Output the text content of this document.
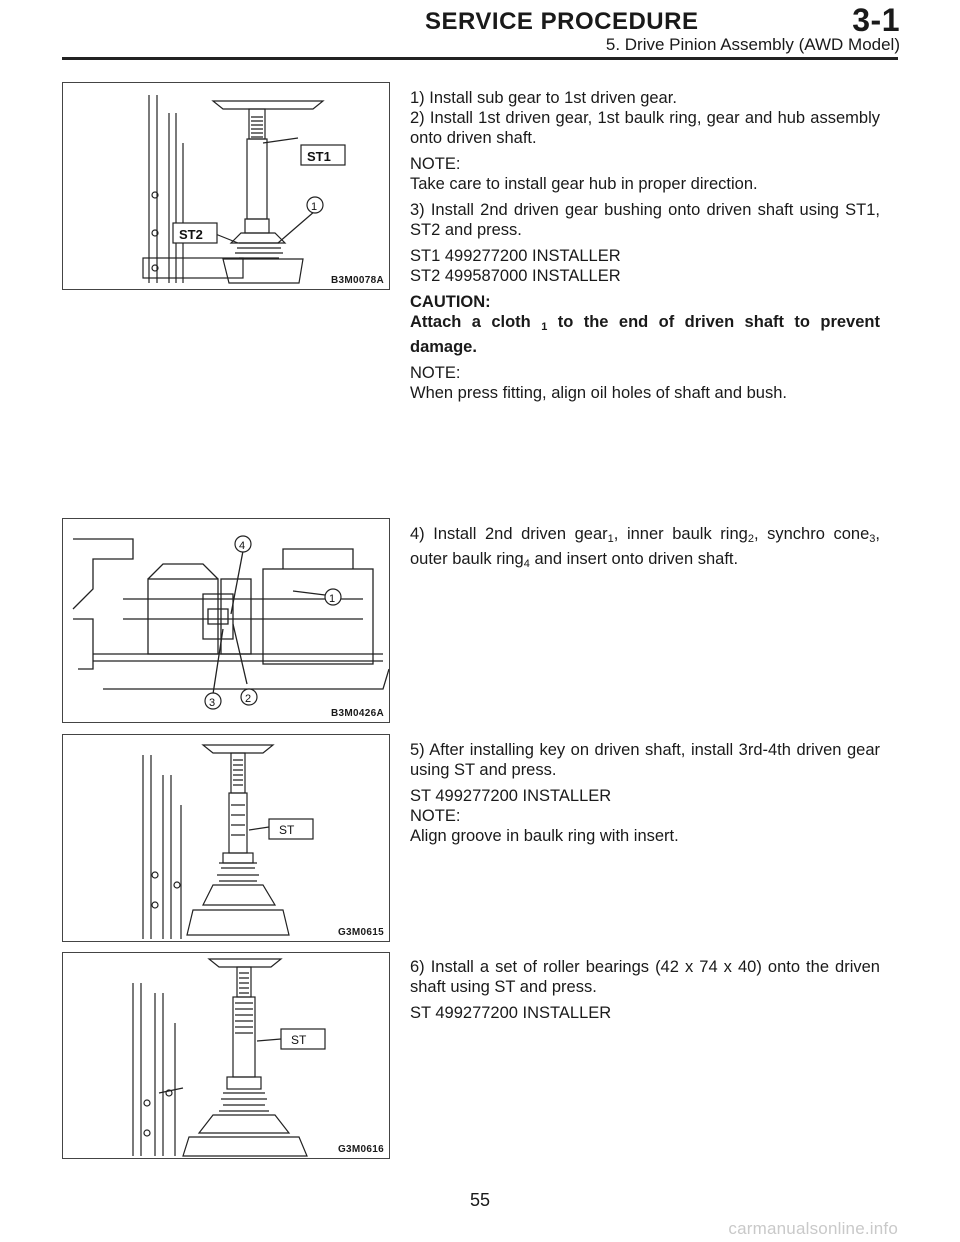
SERVICE PROCEDURE	3-1
5. Drive Pinion Assembly (AWD Model)
ST1
ST2
1
B3M0078A

1) Install sub gear to 1st driven gear.

2) Install 1st driven gear, 1st baulk ring, gear and hub assembly onto driven shaft.

NOTE:

Take care to install gear hub in proper direction.

3) Install 2nd driven gear bushing onto driven shaft using ST1, ST2 and press.

ST1 499277200 INSTALLER

ST2 499587000 INSTALLER

CAUTION:

Attach a cloth $_1$ to the end of driven shaft to prevent damage.

NOTE:

When press fitting, align oil holes of shaft and bush.

4
1
3	2
B3M0426A

4) Install 2nd driven gear$_1$, inner baulk ring$_2$, synchro cone$_3$, outer baulk ring$_4$ and insert onto driven shaft.

ST
G3M0615

5) After installing key on driven shaft, install 3rd-4th driven gear using ST and press.

ST 499277200 INSTALLER

NOTE:

Align groove in baulk ring with insert.

ST
G3M0616

6) Install a set of roller bearings (42 x 74 x 40) onto the driven shaft using ST and press.

ST 499277200 INSTALLER

55
carmanualsonline.info
